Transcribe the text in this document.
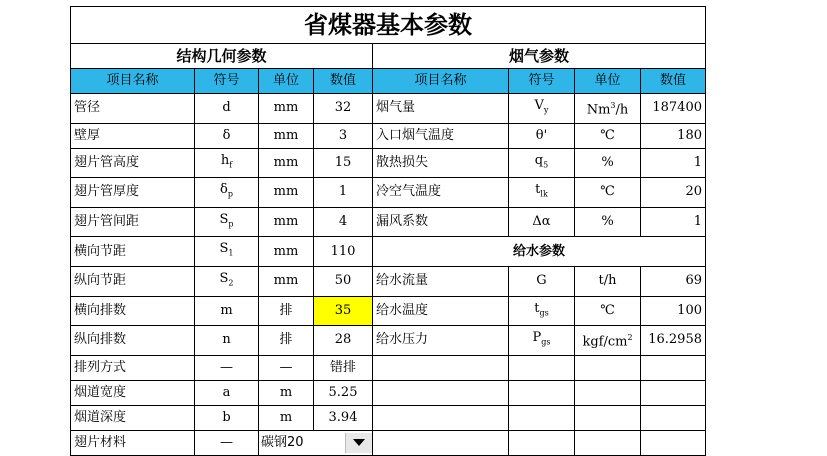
省煤器基本参数							
结构几何参数				烟气参数			
项目名称	符号	单位	数值	项目名称	符号	单位	数值
管径	d	mm	32	烟气量	$V_y$	Nm$^3$/h	187400
壁厚	δ	mm	3	入口烟气温度	θ'	℃	180
翅片管高度	$h_f$	mm	15	散热损失	$q_5$	%	1
翅片管厚度	$\delta_p$	mm	1	冷空气温度	$t_{lk}$	℃	20
翅片管间距	$S_p$	mm	4	漏风系数	Δα	%	1
横向节距	$S_1$	mm	110	给水参数			
纵向节距	$S_2$	mm	50	给水流量	G	t/h	69
横向排数	m	排	35	给水温度	$t_{gs}$	℃	100
纵向排数	n	排	28	给水压力	$P_{gs}$	kgf/$cm^2$	16.2958
排列方式	—	—	错排				
烟道宽度	a	m	5.25				
烟道深度	b	m	3.94				
翅片材料	—	碳钢20					
